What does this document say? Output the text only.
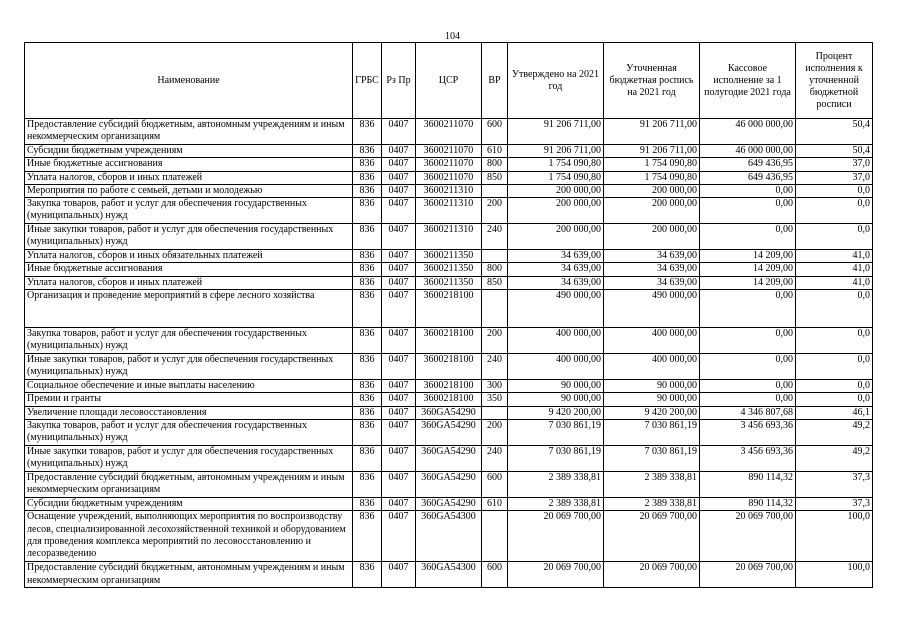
104
Наименование	ГРБС	Рз Пр	ЦСР	ВР	Утверждено на 2021 год	Уточненная бюджетная роспись на 2021 год	Кассовое исполнение за 1 полугодие 2021 года	Процент исполнения к уточненной бюджетной росписи
Предоставление субсидий бюджетным, автономным учреждениям и иным некоммерческим организациям	836	0407	3600211070	600	91 206 711,00	91 206 711,00	46 000 000,00	50,4
Субсидии бюджетным учреждениям	836	0407	3600211070	610	91 206 711,00	91 206 711,00	46 000 000,00	50,4
Иные бюджетные ассигнования	836	0407	3600211070	800	1 754 090,80	1 754 090,80	649 436,95	37,0
Уплата налогов, сборов и иных платежей	836	0407	3600211070	850	1 754 090,80	1 754 090,80	649 436,95	37,0
Мероприятия по работе с семьей, детьми и молодежью	836	0407	3600211310		200 000,00	200 000,00	0,00	0,0
Закупка товаров, работ и услуг для обеспечения государственных (муниципальных) нужд	836	0407	3600211310	200	200 000,00	200 000,00	0,00	0,0
Иные закупки товаров, работ и услуг для обеспечения государственных (муниципальных) нужд	836	0407	3600211310	240	200 000,00	200 000,00	0,00	0,0
Уплата налогов, сборов и иных обязательных платежей	836	0407	3600211350		34 639,00	34 639,00	14 209,00	41,0
Иные бюджетные ассигнования	836	0407	3600211350	800	34 639,00	34 639,00	14 209,00	41,0
Уплата налогов, сборов и иных платежей	836	0407	3600211350	850	34 639,00	34 639,00	14 209,00	41,0
Организация и проведение мероприятий в сфере лесного хозяйства	836	0407	3600218100		490 000,00	490 000,00	0,00	0,0
Закупка товаров, работ и услуг для обеспечения государственных (муниципальных) нужд	836	0407	3600218100	200	400 000,00	400 000,00	0,00	0,0
Иные закупки товаров, работ и услуг для обеспечения государственных (муниципальных) нужд	836	0407	3600218100	240	400 000,00	400 000,00	0,00	0,0
Социальное обеспечение и иные выплаты населению	836	0407	3600218100	300	90 000,00	90 000,00	0,00	0,0
Премии и гранты	836	0407	3600218100	350	90 000,00	90 000,00	0,00	0,0
Увеличение площади лесовосстановления	836	0407	360GA54290		9 420 200,00	9 420 200,00	4 346 807,68	46,1
Закупка товаров, работ и услуг для обеспечения государственных (муниципальных) нужд	836	0407	360GA54290	200	7 030 861,19	7 030 861,19	3 456 693,36	49,2
Иные закупки товаров, работ и услуг для обеспечения государственных (муниципальных) нужд	836	0407	360GA54290	240	7 030 861,19	7 030 861,19	3 456 693,36	49,2
Предоставление субсидий бюджетным, автономным учреждениям и иным некоммерческим организациям	836	0407	360GA54290	600	2 389 338,81	2 389 338,81	890 114,32	37,3
Субсидии бюджетным учреждениям	836	0407	360GA54290	610	2 389 338,81	2 389 338,81	890 114,32	37,3
Оснащение учреждений, выполняющих мероприятия по воспроизводству лесов, специализированной лесохозяйственной техникой и оборудованием для проведения комплекса мероприятий по лесовосстановлению и лесоразведению	836	0407	360GA54300		20 069 700,00	20 069 700,00	20 069 700,00	100,0
Предоставление субсидий бюджетным, автономным учреждениям и иным некоммерческим организациям	836	0407	360GA54300	600	20 069 700,00	20 069 700,00	20 069 700,00	100,0
